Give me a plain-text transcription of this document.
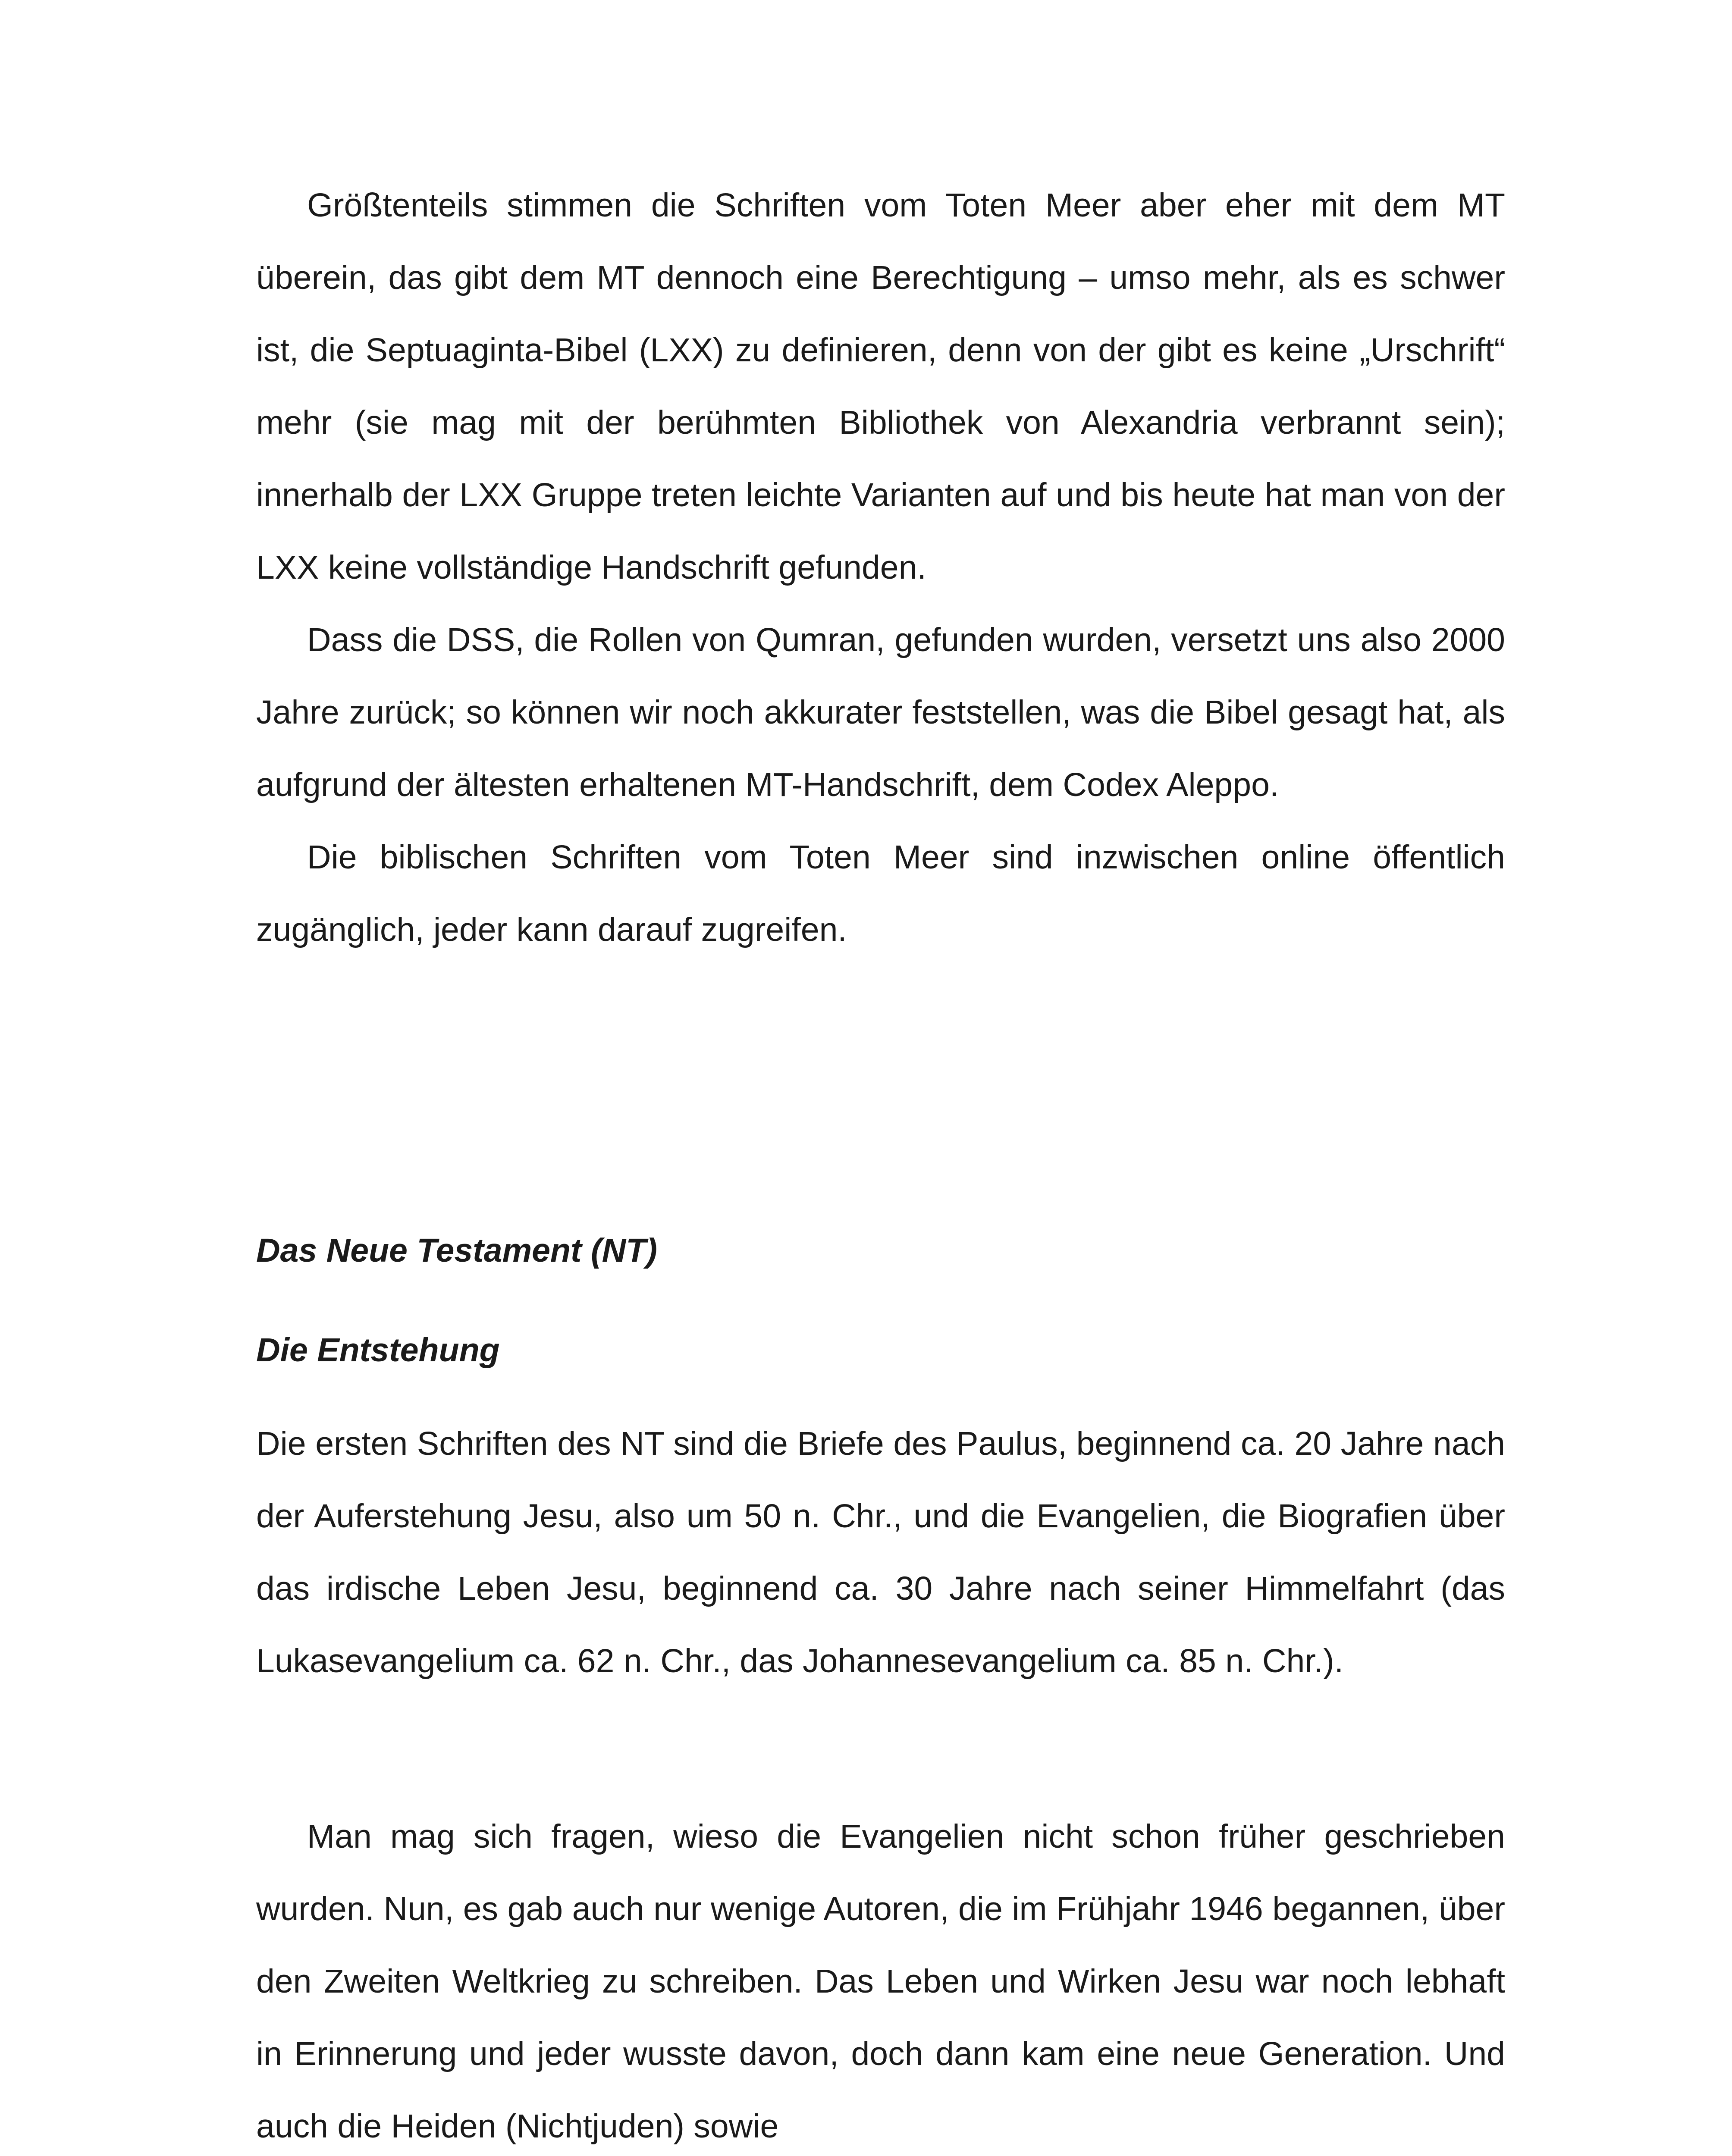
Größtenteils stimmen die Schriften vom Toten Meer aber eher mit dem MT überein, das gibt dem MT dennoch eine Berechtigung – umso mehr, als es schwer ist, die Septuaginta-Bibel (LXX) zu definieren, denn von der gibt es keine „Urschrift“ mehr (sie mag mit der berühmten Bibliothek von Alexandria verbrannt sein); innerhalb der LXX Gruppe treten leichte Varianten auf und bis heute hat man von der LXX keine vollständige Handschrift gefunden.

Dass die DSS, die Rollen von Qumran, gefunden wurden, versetzt uns also 2000 Jahre zurück; so können wir noch akkurater feststellen, was die Bibel gesagt hat, als aufgrund der ältesten erhaltenen MT-Handschrift, dem Codex Aleppo.

Die biblischen Schriften vom Toten Meer sind inzwischen online öffentlich zugänglich, jeder kann darauf zugreifen.

Das Neue Testament (NT)
Die Entstehung

Die ersten Schriften des NT sind die Briefe des Paulus, beginnend ca. 20 Jahre nach der Auferstehung Jesu, also um 50 n. Chr., und die Evangelien, die Biografien über das irdische Leben Jesu, beginnend ca. 30 Jahre nach seiner Himmelfahrt (das Lukasevangelium ca. 62 n. Chr., das Johannesevangelium ca. 85 n. Chr.).

Man mag sich fragen, wieso die Evangelien nicht schon früher geschrieben wurden. Nun, es gab auch nur wenige Autoren, die im Frühjahr 1946 begannen, über den Zweiten Weltkrieg zu schreiben. Das Leben und Wirken Jesu war noch lebhaft in Erinnerung und jeder wusste davon, doch dann kam eine neue Generation. Und auch die Heiden (Nichtjuden) sowie
